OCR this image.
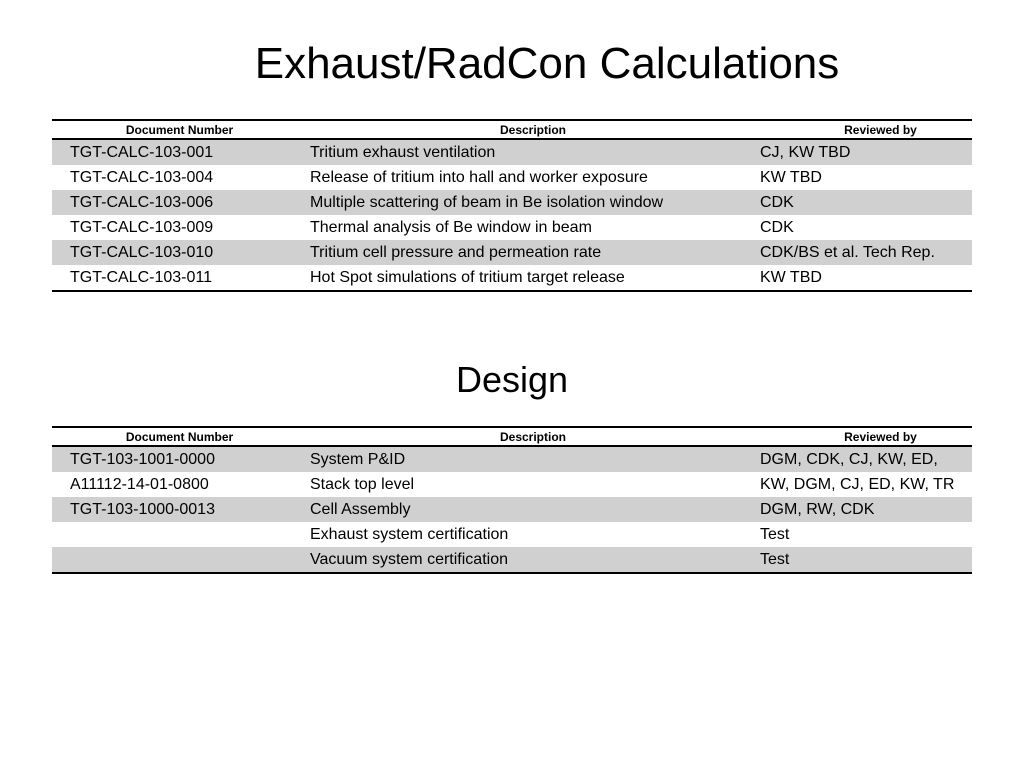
Exhaust/RadCon Calculations
Document Number	Description	Reviewed by
TGT-CALC-103-001	Tritium exhaust ventilation	CJ, KW TBD
TGT-CALC-103-004	Release of tritium into hall and worker exposure	KW TBD
TGT-CALC-103-006	Multiple scattering of beam in Be isolation window	CDK
TGT-CALC-103-009	Thermal analysis of Be window in beam	CDK
TGT-CALC-103-010	Tritium cell pressure and permeation rate	CDK/BS et al. Tech Rep.
TGT-CALC-103-011	Hot Spot simulations of tritium target release	KW TBD
Design
Document Number	Description	Reviewed by
TGT-103-1001-0000	System P&ID	DGM, CDK, CJ, KW, ED,
A11112-14-01-0800	Stack top level	KW, DGM, CJ, ED, KW, TR
TGT-103-1000-0013	Cell Assembly	DGM, RW, CDK
	Exhaust system certification	Test
	Vacuum system certification	Test
